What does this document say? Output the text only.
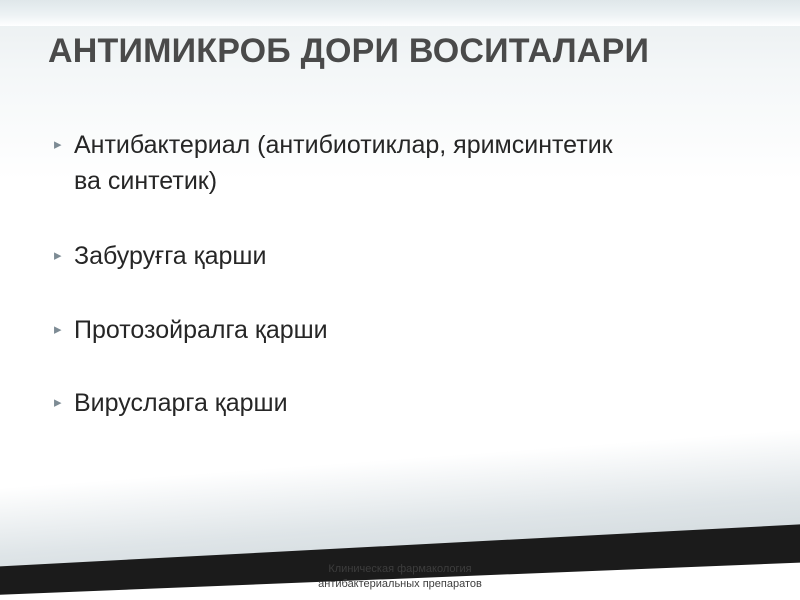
АНТИМИКРОБ ДОРИ ВОСИТАЛАРИ
▸ Антибактериал (антибиотиклар, яримсинтетик ва синтетик)
▸ Забуруғга қарши
▸ Протозойралга қарши
▸ Вирусларга қарши
Клиническая фармакология
антибактериальных препаратов
